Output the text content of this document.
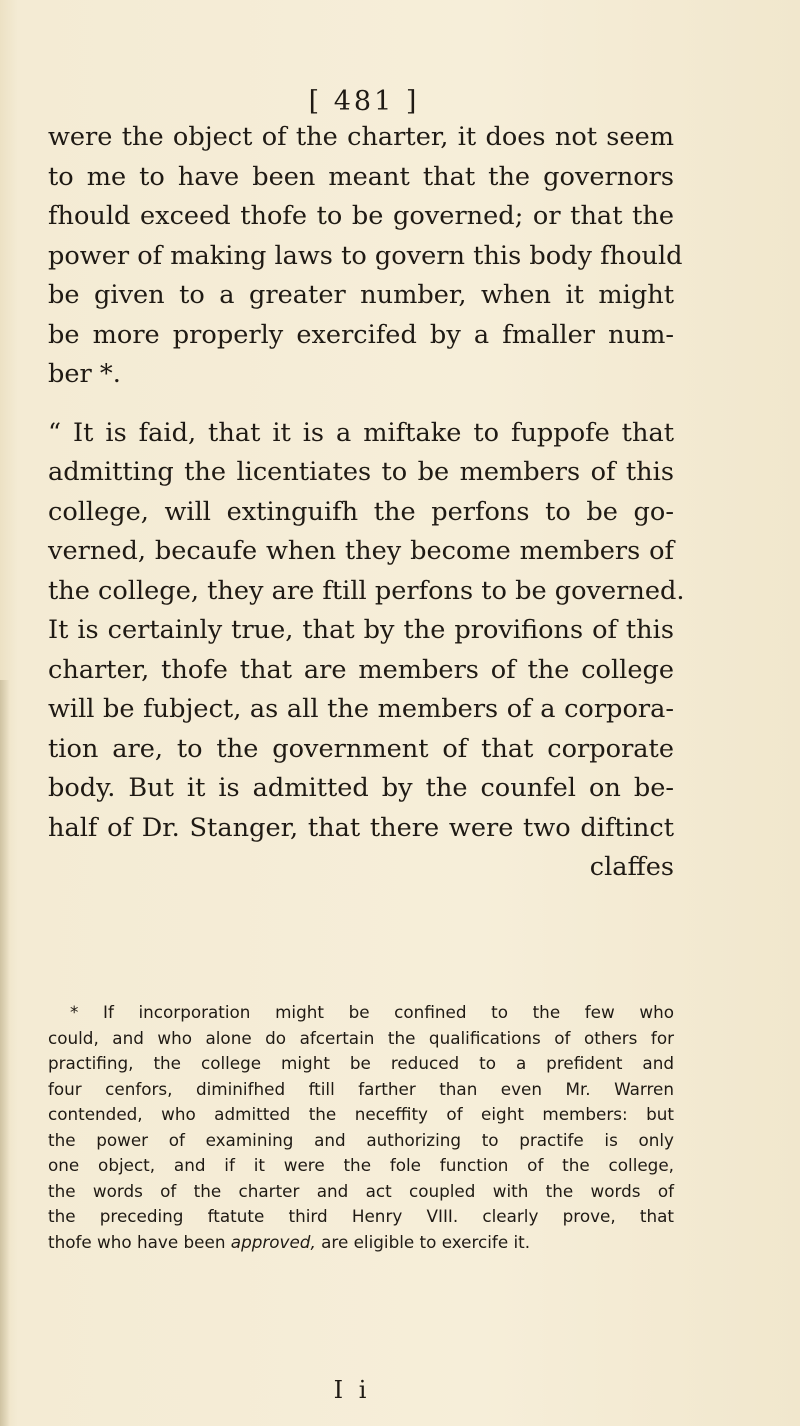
[ 481 ]
were the object of the charter, it does not seem
to me to have been meant that the governors
fhould exceed thofe to be governed; or that the
power of making laws to govern this body fhould
be given to a greater number, when it might
be more properly exercifed by a fmaller num-
ber *.
“ It is faid, that it is a miftake to fuppofe that
admitting the licentiates to be members of this
college, will extinguifh the perfons to be go-
verned, becaufe when they become members of
the college, they are ftill perfons to be governed.
It is certainly true, that by the provifions of this
charter, thofe that are members of the college
will be fubject, as all the members of a corpora-
tion are, to the government of that corporate
body. But it is admitted by the counfel on be-
half of Dr. Stanger, that there were two diftinct
claffes
* If incorporation might be confined to the few who
could, and who alone do afcertain the qualifications of others for
practifing, the college might be reduced to a prefident and
four cenfors, diminifhed ftill farther than even Mr. Warren
contended, who admitted the neceffity of eight members: but
the power of examining and authorizing to practife is only
one object, and if it were the fole function of the college,
the words of the charter and act coupled with the words of
the preceding ftatute third Henry VIII. clearly prove, that
thofe who have been approved, are eligible to exercife it.
I i
